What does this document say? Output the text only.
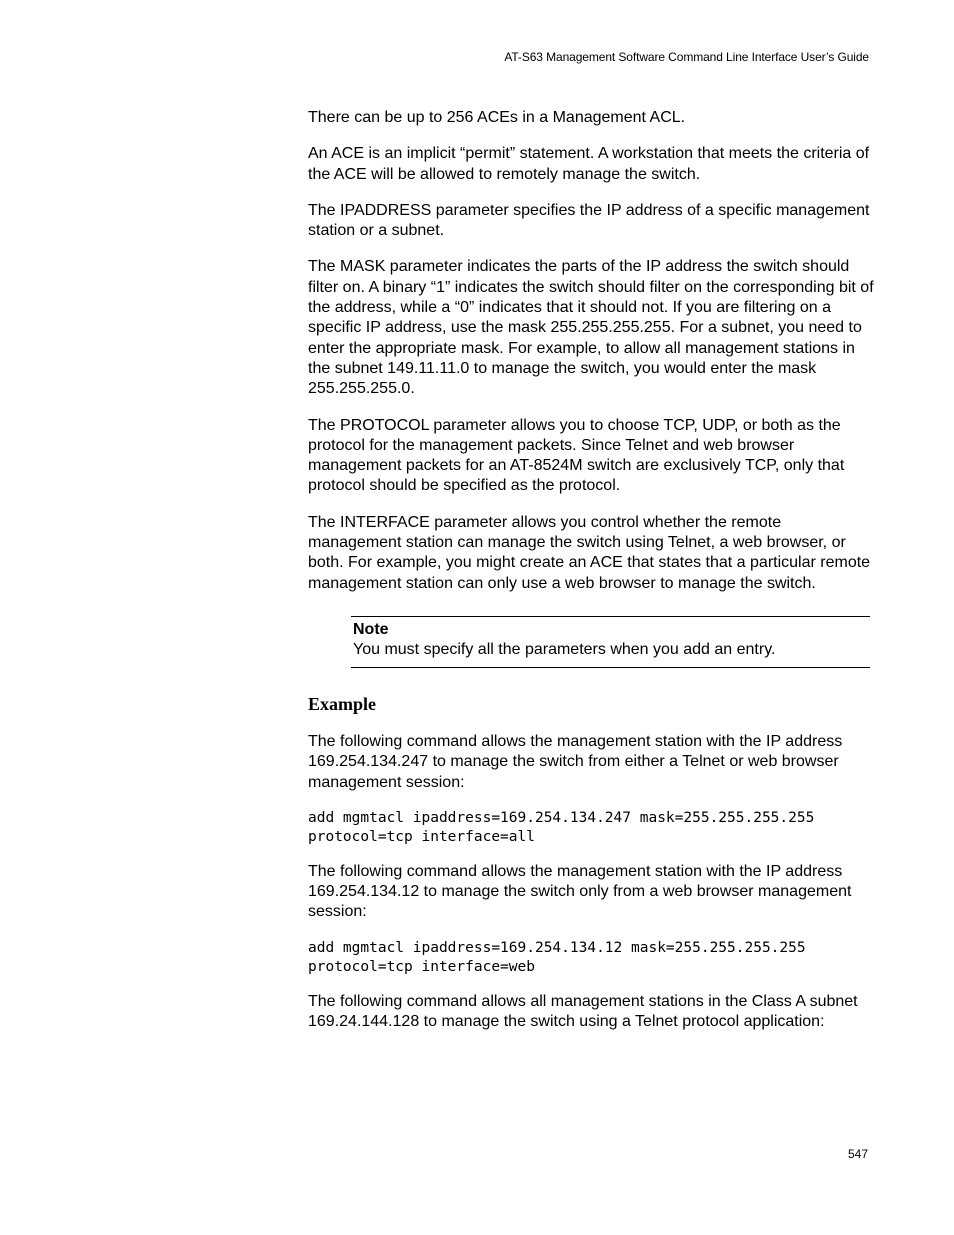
AT-S63 Management Software Command Line Interface User’s Guide

There can be up to 256 ACEs in a Management ACL.

An ACE is an implicit “permit” statement. A workstation that meets the criteria of the ACE will be allowed to remotely manage the switch.

The IPADDRESS parameter specifies the IP address of a specific management station or a subnet.

The MASK parameter indicates the parts of the IP address the switch should filter on. A binary “1” indicates the switch should filter on the corresponding bit of the address, while a “0” indicates that it should not. If you are filtering on a specific IP address, use the mask 255.255.255.255. For a subnet, you need to enter the appropriate mask. For example, to allow all management stations in the subnet 149.11.11.0 to manage the switch, you would enter the mask 255.255.255.0.

The PROTOCOL parameter allows you to choose TCP, UDP, or both as the protocol for the management packets. Since Telnet and web browser management packets for an AT-8524M switch are exclusively TCP, only that protocol should be specified as the protocol.

The INTERFACE parameter allows you control whether the remote management station can manage the switch using Telnet, a web browser, or both. For example, you might create an ACE that states that a particular remote management station can only use a web browser to manage the switch.

Note
You must specify all the parameters when you add an entry.
Example

The following command allows the management station with the IP address 169.254.134.247 to manage the switch from either a Telnet or web browser management session:

add mgmtacl ipaddress=169.254.134.247 mask=255.255.255.255
protocol=tcp interface=all

The following command allows the management station with the IP address 169.254.134.12 to manage the switch only from a web browser management session:

add mgmtacl ipaddress=169.254.134.12 mask=255.255.255.255
protocol=tcp interface=web

The following command allows all management stations in the Class A subnet 169.24.144.128 to manage the switch using a Telnet protocol application:

547
